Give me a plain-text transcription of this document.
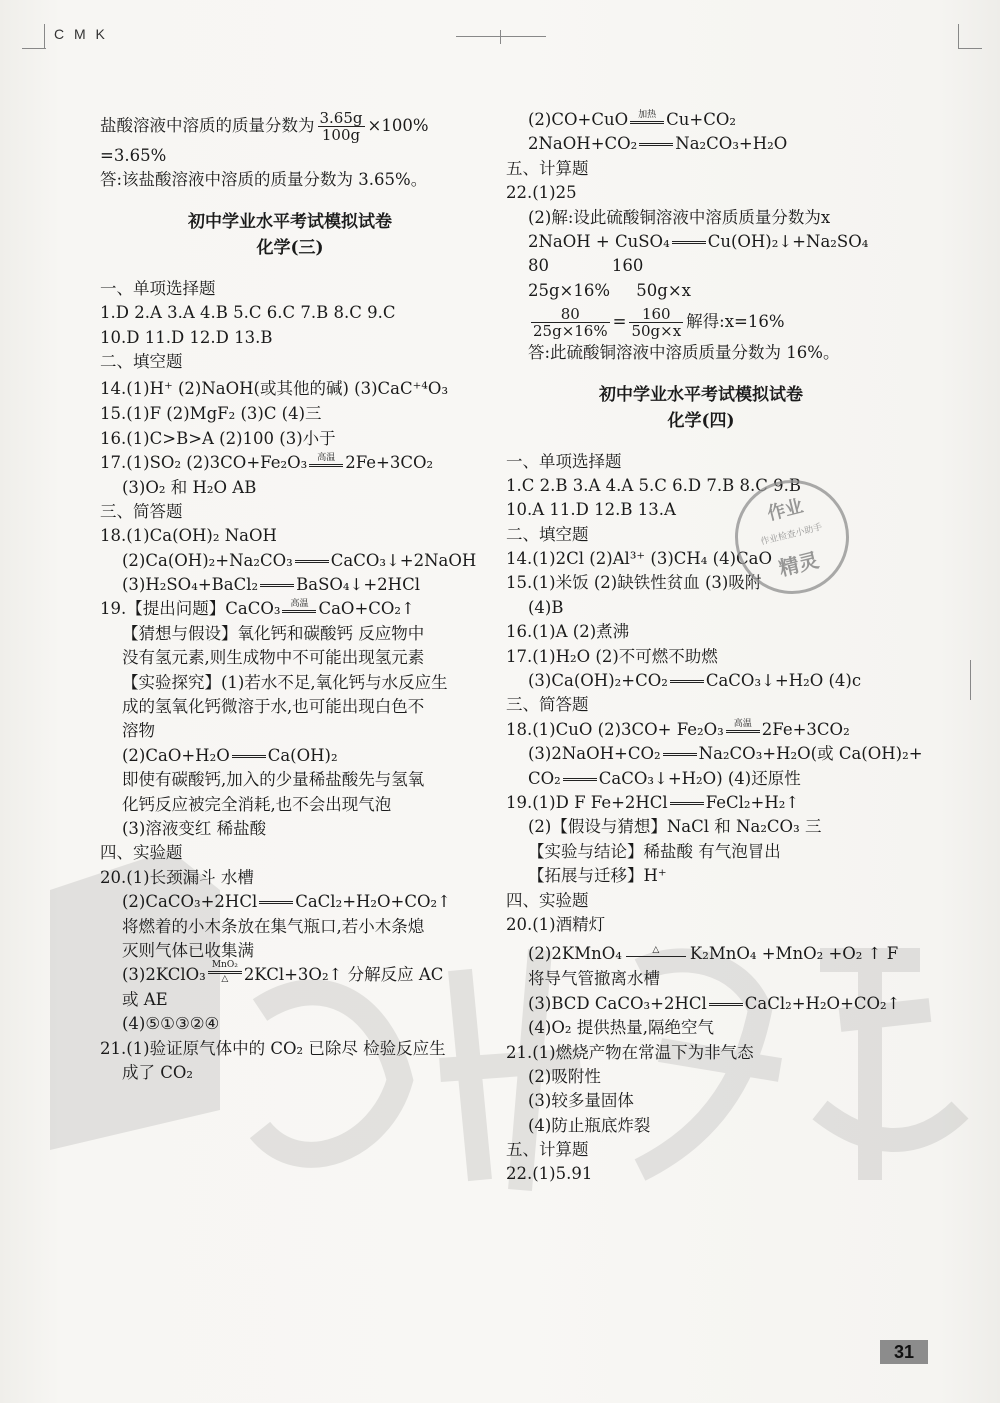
C M K
盐酸溶液中溶质的质量分数为 $\frac{3.65g}{100g} \times 100\%$
=3.65%
答:该盐酸溶液中溶质的质量分数为 3.65%。
初中学业水平考试模拟试卷
化学(三)
一、单项选择题
1.D 2.A 3.A 4.B 5.C 6.C 7.B 8.C 9.C
10.D 11.D 12.D 13.B
二、填空题
14.(1)H⁺ (2)NaOH(或其他的碱) (3)CaC⁺⁴O₃
15.(1)F (2)MgF₂ (3)C (4)三
16.(1)C>B>A (2)100 (3)小于
17.(1)SO₂ (2)3CO+Fe₂O₃	高温 2Fe+3CO₂
(3)O₂ 和 H₂O AB
三、简答题
18.(1)Ca(OH)₂ NaOH
(2)Ca(OH)₂+Na₂CO₃ CaCO₃↓+2NaOH
(3)H₂SO₄+BaCl₂ BaSO₄↓+2HCl
19.【提出问题】CaCO₃	高温 CaO+CO₂↑
【猜想与假设】氧化钙和碳酸钙 反应物中
没有氢元素,则生成物中不可能出现氢元素
【实验探究】(1)若水不足,氧化钙与水反应生
成的氢氧化钙微溶于水,也可能出现白色不
溶物
(2)CaO+H₂O Ca(OH)₂
即使有碳酸钙,加入的少量稀盐酸先与氢氧
化钙反应被完全消耗,也不会出现气泡
(3)溶液变红 稀盐酸
四、实验题
20.(1)长颈漏斗 水槽
(2)CaCO₃+2HCl CaCl₂+H₂O+CO₂↑
将燃着的小木条放在集气瓶口,若小木条熄
灭则气体已收集满
(3)2KClO₃
MnO₂
△ 2KCl+3O₂↑ 分解反应 AC
或 AE
(4)⑤①③②④
21.(1)验证原气体中的 CO₂ 已除尽 检验反应生
成了 CO₂
(2)CO+CuO	加热 Cu+CO₂
2NaOH+CO₂ Na₂CO₃+H₂O
五、计算题
22.(1)25
(2)解:设此硫酸铜溶液中溶质质量分数为x
2NaOH + CuSO₄ Cu(OH)₂↓+Na₂SO₄
80            160
25g×16%     50g×x
$\frac{80}{25g\times 16\%} = \frac{160}{50g\times x}$ 解得:x=16%
答:此硫酸铜溶液中溶质质量分数为 16%。
初中学业水平考试模拟试卷
化学(四)
一、单项选择题
1.C 2.B 3.A 4.A 5.C 6.D 7.B 8.C 9.B
10.A 11.D 12.B 13.A
二、填空题
14.(1)2Cl (2)Al³⁺ (3)CH₄ (4)CaO
15.(1)米饭 (2)缺铁性贫血 (3)吸附
(4)B
16.(1)A (2)煮沸
17.(1)H₂O (2)不可燃不助燃
(3)Ca(OH)₂+CO₂ CaCO₃↓+H₂O (4)c
三、简答题
18.(1)CuO (2)3CO+ Fe₂O₃	高温 2Fe+3CO₂
(3)2NaOH+CO₂ Na₂CO₃+H₂O(或 Ca(OH)₂+
CO₂ CaCO₃↓+H₂O) (4)还原性
19.(1)D F Fe+2HCl FeCl₂+H₂↑
(2)【假设与猜想】NaCl 和 Na₂CO₃ 三
【实验与结论】稀盐酸 有气泡冒出
【拓展与迁移】H⁺
四、实验题
20.(1)酒精灯
(2)2KMnO₄	△	K₂MnO₄ +MnO₂ +O₂ ↑ F
将导气管撤离水槽
(3)BCD CaCO₃+2HCl CaCl₂+H₂O+CO₂↑
(4)O₂ 提供热量,隔绝空气
21.(1)燃烧产物在常温下为非气态
(2)吸附性
(3)较多量固体
(4)防止瓶底炸裂
五、计算题
22.(1)5.91
作业
作业检查小助手
精灵
31
